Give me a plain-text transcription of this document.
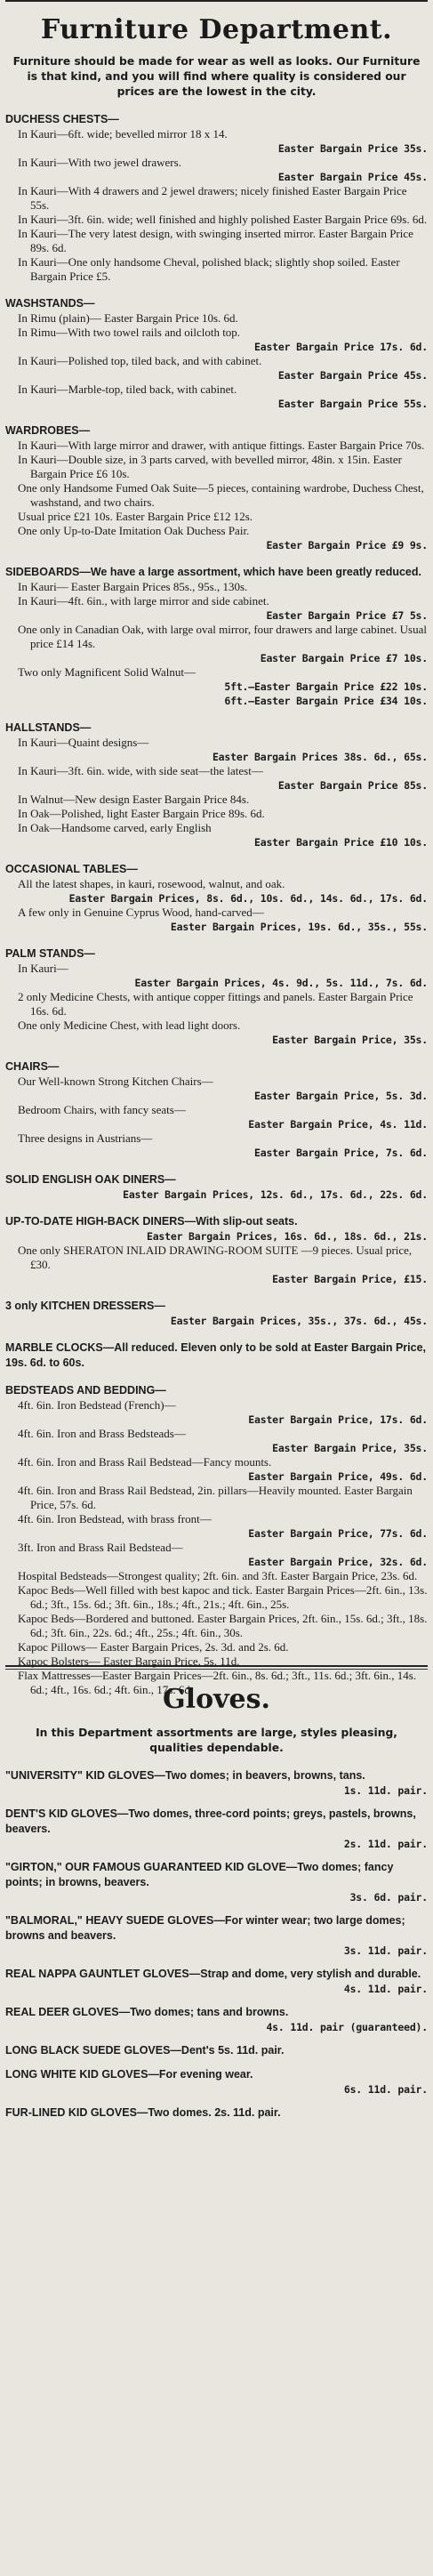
Furniture Department.
Furniture should be made for wear as well as looks. Our Furniture is that kind, and you will find where quality is considered our prices are the lowest in the city.
DUCHESS CHESTS—
In Kauri—6ft. wide; bevelled mirror 18 x 14.
Easter Bargain Price 35s.
In Kauri—With two jewel drawers.
Easter Bargain Price 45s.
In Kauri—With 4 drawers and 2 jewel drawers; nicely finished Easter Bargain Price 55s.
In Kauri—3ft. 6in. wide; well finished and highly polished Easter Bargain Price 69s. 6d.
In Kauri—The very latest design, with swinging inserted mirror. Easter Bargain Price 89s. 6d.
In Kauri—One only handsome Cheval, polished black; slightly shop soiled. Easter Bargain Price £5.
WASHSTANDS—
In Rimu (plain)— Easter Bargain Price 10s. 6d.
In Rimu—With two towel rails and oilcloth top.
Easter Bargain Price 17s. 6d.
In Kauri—Polished top, tiled back, and with cabinet.
Easter Bargain Price 45s.
In Kauri—Marble-top, tiled back, with cabinet.
Easter Bargain Price 55s.
WARDROBES—
In Kauri—With large mirror and drawer, with antique fittings. Easter Bargain Price 70s.
In Kauri—Double size, in 3 parts carved, with bevelled mirror, 48in. x 15in. Easter Bargain Price £6 10s.
One only Handsome Fumed Oak Suite—5 pieces, containing wardrobe, Duchess Chest, washstand, and two chairs.
Usual price £21 10s. Easter Bargain Price £12 12s.
One only Up-to-Date Imitation Oak Duchess Pair.
Easter Bargain Price £9 9s.
SIDEBOARDS—We have a large assortment, which have been greatly reduced.
In Kauri— Easter Bargain Prices 85s., 95s., 130s.
In Kauri—4ft. 6in., with large mirror and side cabinet.
Easter Bargain Price £7 5s.
One only in Canadian Oak, with large oval mirror, four drawers and large cabinet. Usual price £14 14s.
Easter Bargain Price £7 10s.
Two only Magnificent Solid Walnut—
5ft.—Easter Bargain Price £22 10s.
6ft.—Easter Bargain Price £34 10s.
HALLSTANDS—
In Kauri—Quaint designs—
Easter Bargain Prices 38s. 6d., 65s.
In Kauri—3ft. 6in. wide, with side seat—the latest—
Easter Bargain Price 85s.
In Walnut—New design Easter Bargain Price 84s.
In Oak—Polished, light Easter Bargain Price 89s. 6d.
In Oak—Handsome carved, early English
Easter Bargain Price £10 10s.
OCCASIONAL TABLES—
All the latest shapes, in kauri, rosewood, walnut, and oak.
Easter Bargain Prices, 8s. 6d., 10s. 6d., 14s. 6d., 17s. 6d.
A few only in Genuine Cyprus Wood, hand-carved—
Easter Bargain Prices, 19s. 6d., 35s., 55s.
PALM STANDS—
In Kauri—
Easter Bargain Prices, 4s. 9d., 5s. 11d., 7s. 6d.
2 only Medicine Chests, with antique copper fittings and panels. Easter Bargain Price 16s. 6d.
One only Medicine Chest, with lead light doors.
Easter Bargain Price, 35s.
CHAIRS—
Our Well-known Strong Kitchen Chairs—
Easter Bargain Price, 5s. 3d.
Bedroom Chairs, with fancy seats—
Easter Bargain Price, 4s. 11d.
Three designs in Austrians—
Easter Bargain Price, 7s. 6d.
SOLID ENGLISH OAK DINERS—
Easter Bargain Prices, 12s. 6d., 17s. 6d., 22s. 6d.
UP-TO-DATE HIGH-BACK DINERS—With slip-out seats.
Easter Bargain Prices, 16s. 6d., 18s. 6d., 21s.
One only SHERATON INLAID DRAWING-ROOM SUITE —9 pieces. Usual price, £30.
Easter Bargain Price, £15.
3 only KITCHEN DRESSERS—
Easter Bargain Prices, 35s., 37s. 6d., 45s.
MARBLE CLOCKS—All reduced. Eleven only to be sold at Easter Bargain Price, 19s. 6d. to 60s.
BEDSTEADS AND BEDDING—
4ft. 6in. Iron Bedstead (French)—
Easter Bargain Price, 17s. 6d.
4ft. 6in. Iron and Brass Bedsteads—
Easter Bargain Price, 35s.
4ft. 6in. Iron and Brass Rail Bedstead—Fancy mounts.
Easter Bargain Price, 49s. 6d.
4ft. 6in. Iron and Brass Rail Bedstead, 2in. pillars—Heavily mounted. Easter Bargain Price, 57s. 6d.
4ft. 6in. Iron Bedstead, with brass front—
Easter Bargain Price, 77s. 6d.
3ft. Iron and Brass Rail Bedstead—
Easter Bargain Price, 32s. 6d.
Hospital Bedsteads—Strongest quality; 2ft. 6in. and 3ft. Easter Bargain Price, 23s. 6d.
Kapoc Beds—Well filled with best kapoc and tick. Easter Bargain Prices—2ft. 6in., 13s. 6d.; 3ft., 15s. 6d.; 3ft. 6in., 18s.; 4ft., 21s.; 4ft. 6in., 25s.
Kapoc Beds—Bordered and buttoned. Easter Bargain Prices, 2ft. 6in., 15s. 6d.; 3ft., 18s. 6d.; 3ft. 6in., 22s. 6d.; 4ft., 25s.; 4ft. 6in., 30s.
Kapoc Pillows— Easter Bargain Prices, 2s. 3d. and 2s. 6d.
Kapoc Bolsters— Easter Bargain Price, 5s. 11d.
Flax Mattresses—Easter Bargain Prices—2ft. 6in., 8s. 6d.; 3ft., 11s. 6d.; 3ft. 6in., 14s. 6d.; 4ft., 16s. 6d.; 4ft. 6in., 17s. 6d.
Gloves.
In this Department assortments are large, styles pleasing, qualities dependable.
"UNIVERSITY" KID GLOVES—Two domes; in beavers, browns, tans.
1s. 11d. pair.
DENT'S KID GLOVES—Two domes, three-cord points; greys, pastels, browns, beavers.
2s. 11d. pair.
"GIRTON," OUR FAMOUS GUARANTEED KID GLOVE—Two domes; fancy points; in browns, beavers.
3s. 6d. pair.
"BALMORAL," HEAVY SUEDE GLOVES—For winter wear; two large domes; browns and beavers.
3s. 11d. pair.
REAL NAPPA GAUNTLET GLOVES—Strap and dome, very stylish and durable.
4s. 11d. pair.
REAL DEER GLOVES—Two domes; tans and browns.
4s. 11d. pair (guaranteed).
LONG BLACK SUEDE GLOVES—Dent's 5s. 11d. pair.
LONG WHITE KID GLOVES—For evening wear.
6s. 11d. pair.
FUR-LINED KID GLOVES—Two domes. 2s. 11d. pair.
